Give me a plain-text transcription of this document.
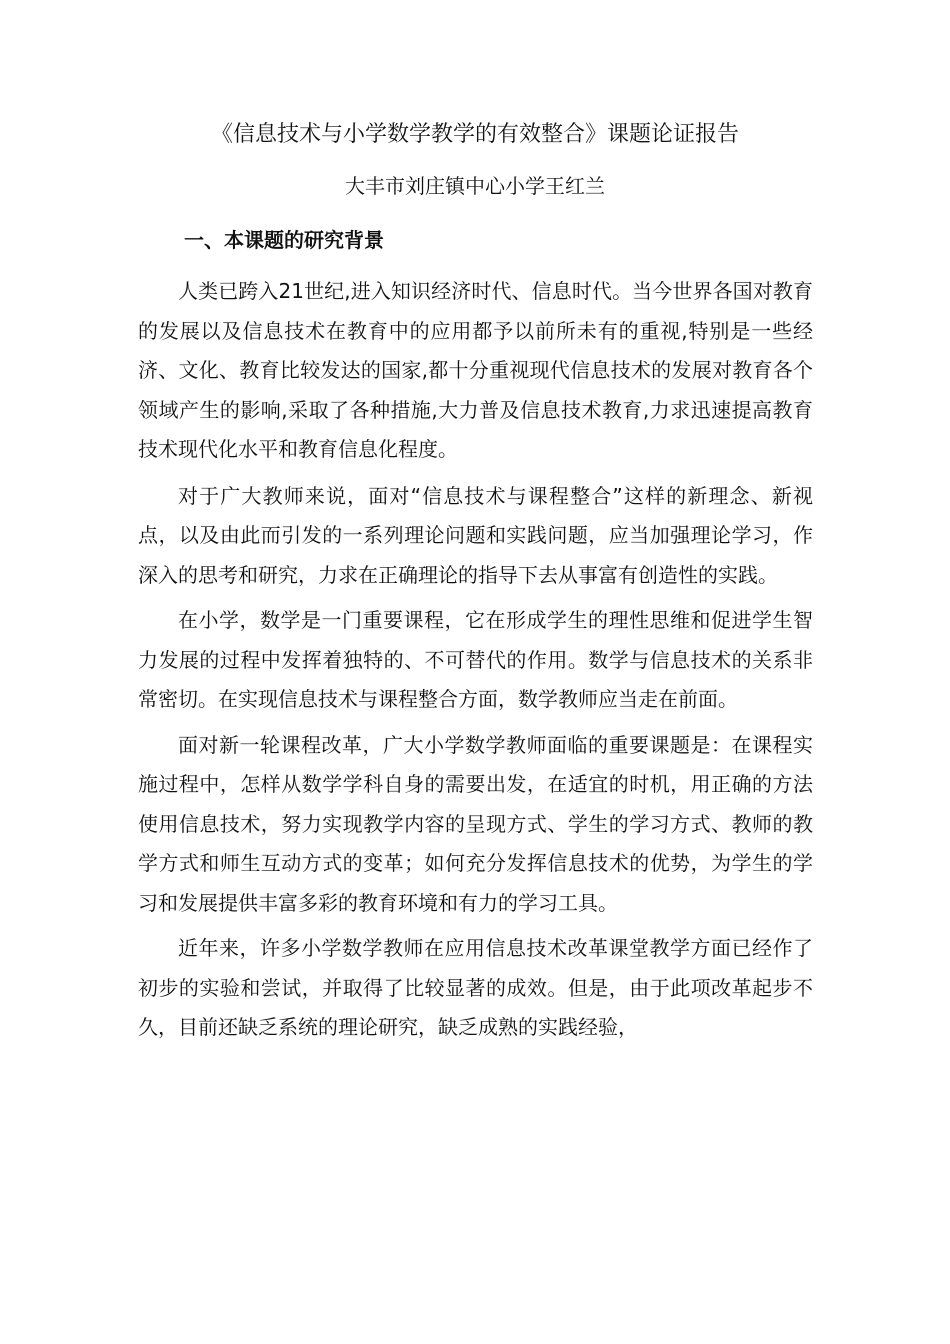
《信息技术与小学数学教学的有效整合》课题论证报告
大丰市刘庄镇中心小学王红兰
一、本课题的研究背景

人类已跨入21世纪,进入知识经济时代、信息时代。当今世界各国对教育的发展以及信息技术在教育中的应用都予以前所未有的重视,特别是一些经济、文化、教育比较发达的国家,都十分重视现代信息技术的发展对教育各个领域产生的影响,采取了各种措施,大力普及信息技术教育,力求迅速提高教育技术现代化水平和教育信息化程度。

对于广大教师来说，面对“信息技术与课程整合”这样的新理念、新视点，以及由此而引发的一系列理论问题和实践问题，应当加强理论学习，作深入的思考和研究，力求在正确理论的指导下去从事富有创造性的实践。

在小学，数学是一门重要课程，它在形成学生的理性思维和促进学生智力发展的过程中发挥着独特的、不可替代的作用。数学与信息技术的关系非常密切。在实现信息技术与课程整合方面，数学教师应当走在前面。

面对新一轮课程改革，广大小学数学教师面临的重要课题是：在课程实施过程中，怎样从数学学科自身的需要出发，在适宜的时机，用正确的方法使用信息技术，努力实现教学内容的呈现方式、学生的学习方式、教师的教学方式和师生互动方式的变革；如何充分发挥信息技术的优势，为学生的学习和发展提供丰富多彩的教育环境和有力的学习工具。

近年来，许多小学数学教师在应用信息技术改革课堂教学方面已经作了初步的实验和尝试，并取得了比较显著的成效。但是，由于此项改革起步不久，目前还缺乏系统的理论研究，缺乏成熟的实践经验，
